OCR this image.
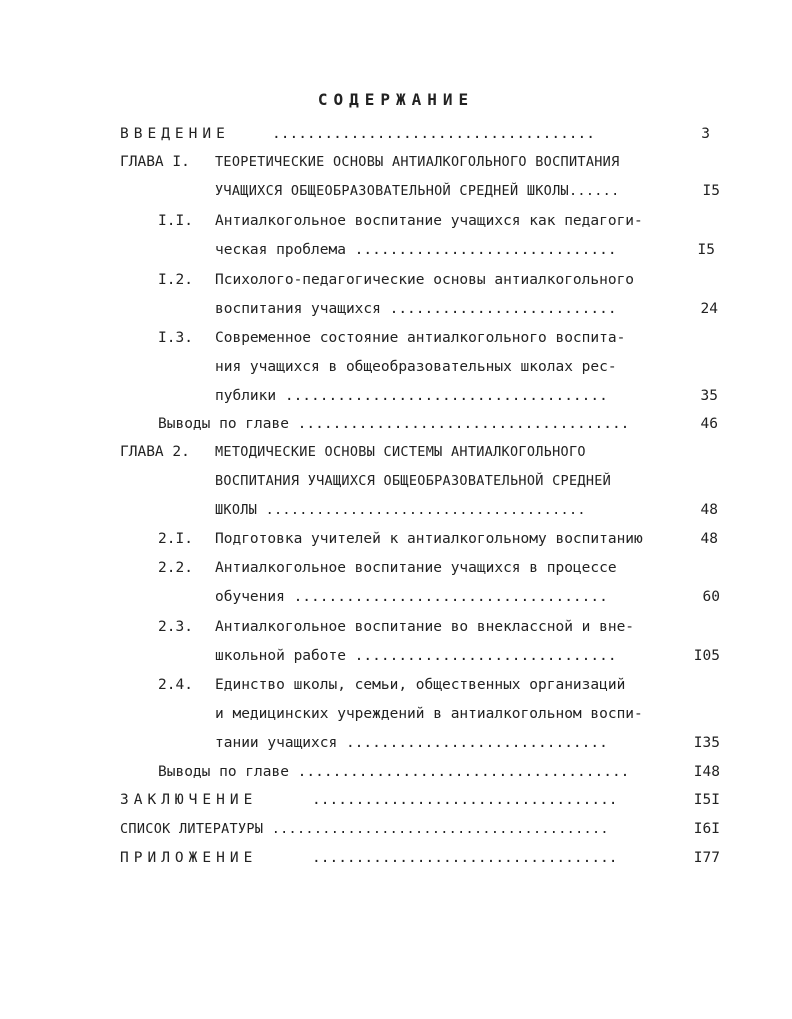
СОДЕРЖАНИЕ
ВВЕДЕНИЕ	.....................................	3
ГЛАВА I. ТЕОРЕТИЧЕСКИЕ ОСНОВЫ АНТИАЛКОГОЛЬНОГО ВОСПИТАНИЯ
УЧАЩИХСЯ ОБЩЕОБРАЗОВАТЕЛЬНОЙ СРЕДНЕЙ ШКОЛЫ......	I5
I.I. Антиалкогольное воспитание учащихся как педагоги-
ческая проблема ..............................	I5
I.2. Психолого-педагогические основы антиалкогольного
воспитания учащихся ..........................	24
I.3. Современное состояние антиалкогольного воспита-
ния учащихся в общеобразовательных школах рес-
публики .....................................	35
Выводы по главе ......................................	46
ГЛАВА 2. МЕТОДИЧЕСКИЕ ОСНОВЫ СИСТЕМЫ АНТИАЛКОГОЛЬНОГО
ВОСПИТАНИЯ УЧАЩИХСЯ ОБЩЕОБРАЗОВАТЕЛЬНОЙ СРЕДНЕЙ
ШКОЛЫ ......................................	48
2.I. Подготовка учителей к антиалкогольному воспитанию	48
2.2. Антиалкогольное воспитание учащихся в процессе
обучения ....................................	60
2.3. Антиалкогольное воспитание во внеклассной и вне-
школьной работе ..............................	I05
2.4. Единство школы, семьи, общественных организаций
и медицинских учреждений в антиалкогольном воспи-
тании учащихся ..............................	I35
Выводы по главе ......................................	I48
ЗАКЛЮЧЕНИЕ	...................................	I5I
СПИСОК ЛИТЕРАТУРЫ ........................................	I6I
ПРИЛОЖЕНИЕ	...................................	I77
